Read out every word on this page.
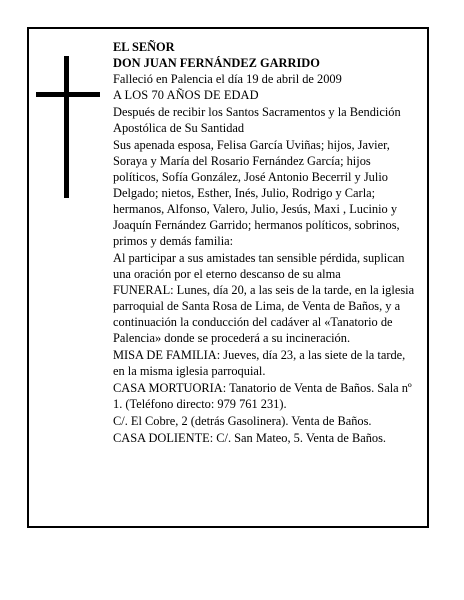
EL SEÑOR

DON JUAN FERNÁNDEZ GARRIDO

Falleció en Palencia el día 19 de abril de 2009

A LOS 70 AÑOS DE EDAD

Después de recibir los Santos Sacramentos y la Bendición Apostólica de Su Santidad

Sus apenada esposa, Felisa García Uviñas; hijos, Javier, Soraya y María del Rosario Fernández García; hijos políticos, Sofía González, José Antonio Becerril y Julio Delgado; nietos, Esther, Inés, Julio, Rodrigo y Carla; hermanos, Alfonso, Valero, Julio, Jesús, Maxi , Lucinio y Joaquín Fernández Garrido; hermanos políticos, sobrinos, primos y demás familia:

Al participar a sus amistades tan sensible pérdida, suplican una oración por el eterno descanso de su alma

FUNERAL: Lunes, día 20, a las seis de la tarde, en la iglesia parroquial de Santa Rosa de Lima, de Venta de Baños, y a continuación la conducción del cadáver al «Tanatorio de Palencia» donde se procederá a su incineración.

MISA DE FAMILIA: Jueves, día 23, a las siete de la tarde, en la misma iglesia parroquial.

CASA MORTUORIA: Tanatorio de Venta de Baños. Sala nº 1. (Teléfono directo: 979 761 231).

C/. El Cobre, 2 (detrás Gasolinera). Venta de Baños.

CASA DOLIENTE: C/. San Mateo, 5. Venta de Baños.
